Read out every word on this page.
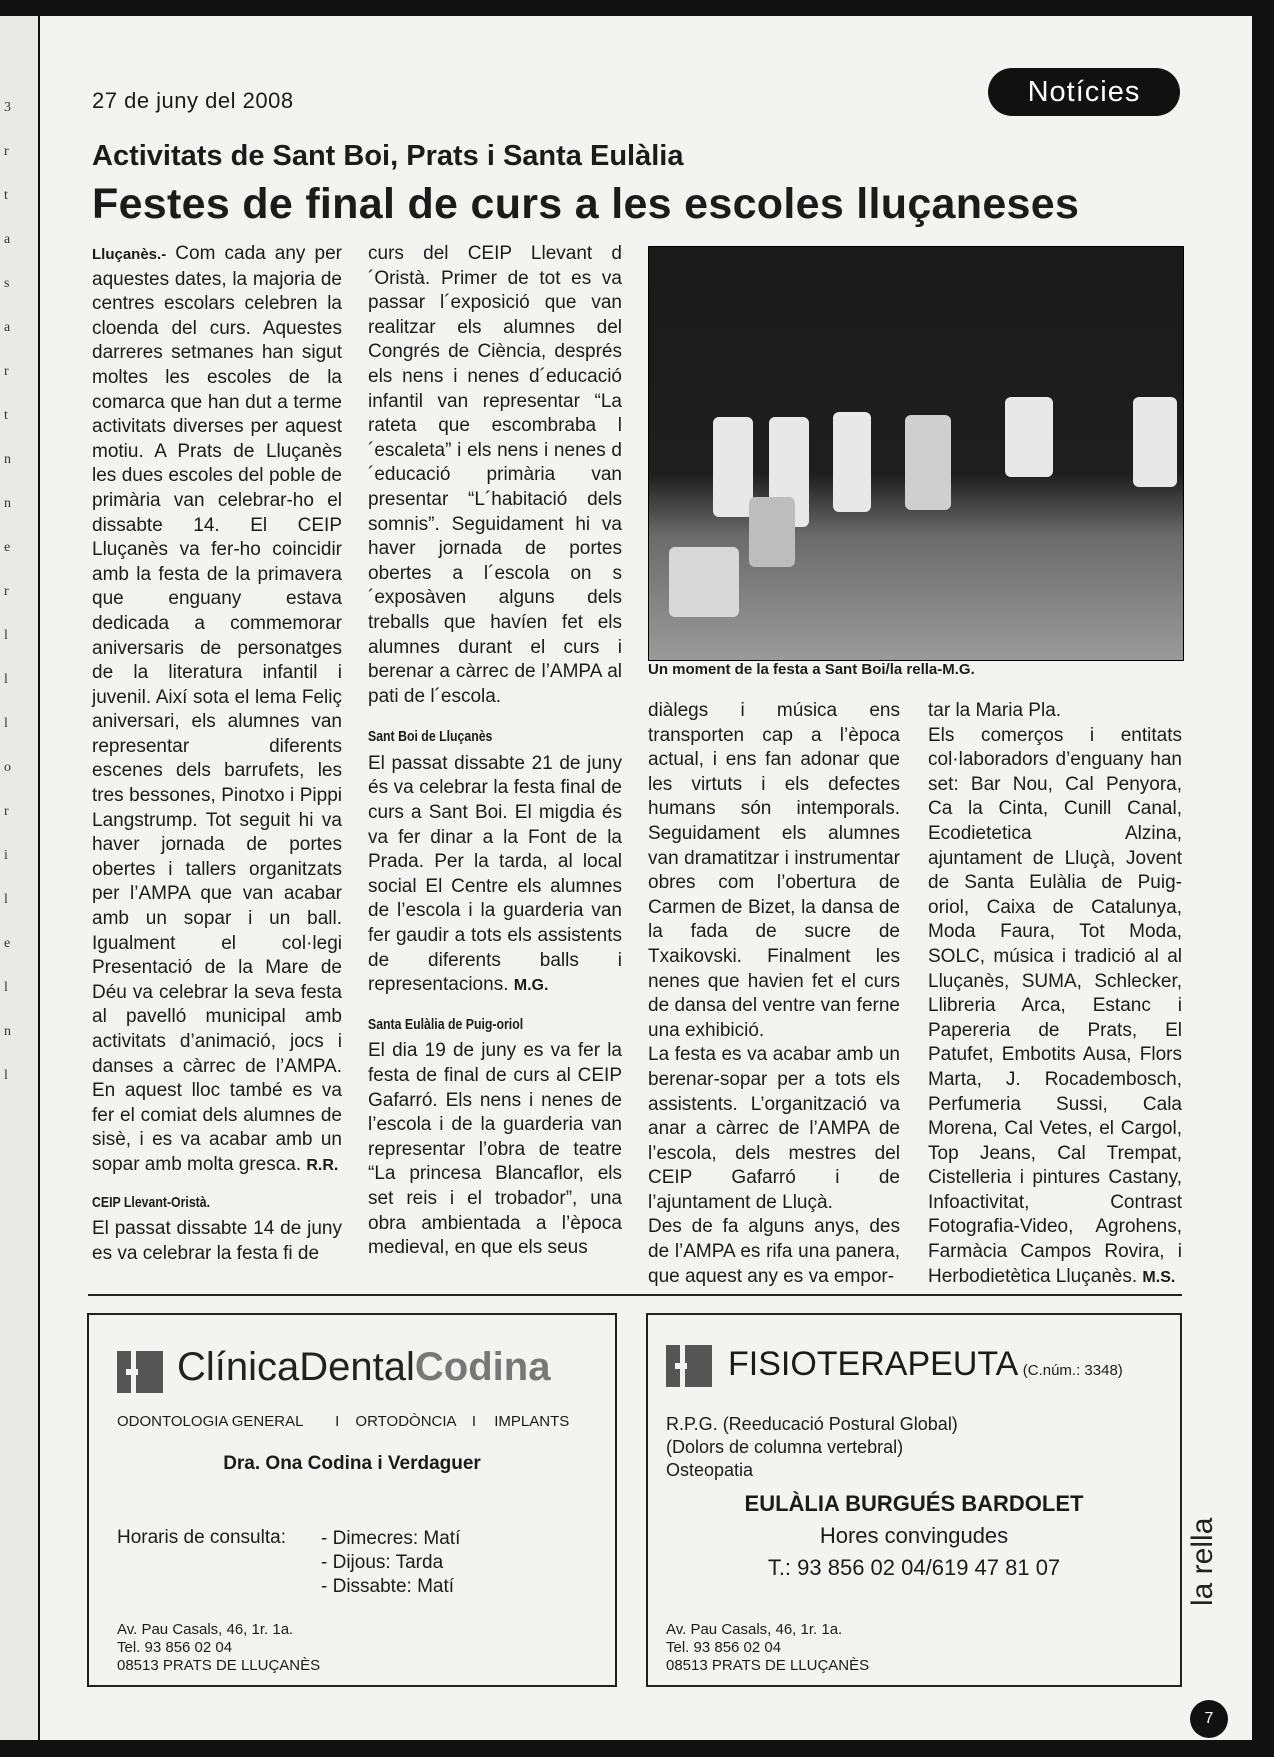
3
r
t
a
s
a
r
t
n
n
e
r
l
l
l
o
r
i
l
e
l
n
l
27 de juny del 2008	Notícies
Activitats de Sant Boi, Prats i Santa Eulàlia
Festes de final de curs a les escoles lluçaneses

Lluçanès.- Com cada any per aquestes dates, la majoria de centres escolars celebren la cloenda del curs. Aquestes darreres setmanes han sigut moltes les escoles de la comarca que han dut a terme activitats diverses per aquest motiu. A Prats de Lluçanès les dues escoles del poble de primària van celebrar-ho el dissabte 14. El CEIP Lluçanès va fer-ho coincidir amb la festa de la primavera que enguany estava dedicada a commemorar aniversaris de personatges de la literatura infantil i juvenil. Així sota el lema Feliç aniversari, els alumnes van representar diferents escenes dels barrufets, les tres bessones, Pinotxo i Pippi Langstrump. Tot seguit hi va haver jornada de portes obertes i tallers organitzats per l’AMPA que van acabar amb un sopar i un ball. Igualment el col·legi Presentació de la Mare de Déu va celebrar la seva festa al pavelló municipal amb activitats d’animació, jocs i danses a càrrec de l’AMPA. En aquest lloc també es va fer el comiat dels alumnes de sisè, i es va acabar amb un sopar amb molta gresca. R.R.

CEIP Llevant-Oristà.

El passat dissabte 14 de juny es va celebrar la festa fi de

curs del CEIP Llevant d´Oristà. Primer de tot es va passar l´exposició que van realitzar els alumnes del Congrés de Ciència, després els nens i nenes d´educació infantil van representar “La rateta que escombraba l´escaleta” i els nens i nenes d´educació primària van presentar “L´habitació dels somnis”. Seguidament hi va haver jornada de portes obertes a l´escola on s´exposàven alguns dels treballs que havíen fet els alumnes durant el curs i berenar a càrrec de l’AMPA al pati de l´escola.

Sant Boi de Lluçanès

El passat dissabte 21 de juny és va celebrar la festa final de curs a Sant Boi. El migdia és va fer dinar a la Font de la Prada. Per la tarda, al local social El Centre els alumnes de l’escola i la guarderia van fer gaudir a tots els assistents de diferents balls i representacions. M.G.

Santa Eulàlia de Puig-oriol

El dia 19 de juny es va fer la festa de final de curs al CEIP Gafarró. Els nens i nenes de l’escola i de la guarderia van representar l’obra de teatre “La princesa Blancaflor, els set reis i el trobador”, una obra ambientada a l’època medieval, en que els seus

Un moment de la festa a Sant Boi/la rella-M.G.

diàlegs i música ens transporten cap a l’època actual, i ens fan adonar que les virtuts i els defectes humans són intemporals. Seguidament els alumnes van dramatitzar i instrumentar obres com l’obertura de Carmen de Bizet, la dansa de la fada de sucre de Txaikovski. Finalment les nenes que havien fet el curs de dansa del ventre van ferne una exhibició.

La festa es va acabar amb un berenar-sopar per a tots els assistents. L’organització va anar a càrrec de l’AMPA de l’escola, dels mestres del CEIP Gafarró i de l’ajuntament de Lluçà.

Des de fa alguns anys, des de l’AMPA es rifa una panera, que aquest any es va empor-

tar la Maria Pla.

Els comerços i entitats col·laboradors d’enguany han set: Bar Nou, Cal Penyora, Ca la Cinta, Cunill Canal, Ecodietetica Alzina, ajuntament de Lluçà, Jovent de Santa Eulàlia de Puig-oriol, Caixa de Catalunya, Moda Faura, Tot Moda, SOLC, música i tradició al al Lluçanès, SUMA, Schlecker, Llibreria Arca, Estanc i Papereria de Prats, El Patufet, Embotits Ausa, Flors Marta, J. Rocadembosch, Perfumeria Sussi, Cala Morena, Cal Vetes, el Cargol, Top Jeans, Cal Trempat, Cistelleria i pintures Castany, Infoactivitat, Contrast Fotografia-Video, Agrohens, Farmàcia Campos Rovira, i Herbodietètica Lluçanès. M.S.

ClínicaDentalCodina
ODONTOLOGIA GENERAL I ORTODÒNCIA I IMPLANTS
Dra. Ona Codina i Verdaguer
Horaris de consulta: - Dimecres: Matí
- Dijous: Tarda
- Dissabte: Matí
Av. Pau Casals, 46, 1r. 1a.
Tel. 93 856 02 04
08513 PRATS DE LLUÇANÈS
FISIOTERAPEUTA (C.núm.: 3348)
R.P.G. (Reeducació Postural Global)
(Dolors de columna vertebral)
Osteopatia
EULÀLIA BURGUÉS BARDOLET
Hores convingudes
T.: 93 856 02 04/619 47 81 07
Av. Pau Casals, 46, 1r. 1a.
Tel. 93 856 02 04
08513 PRATS DE LLUÇANÈS
la rella
7
